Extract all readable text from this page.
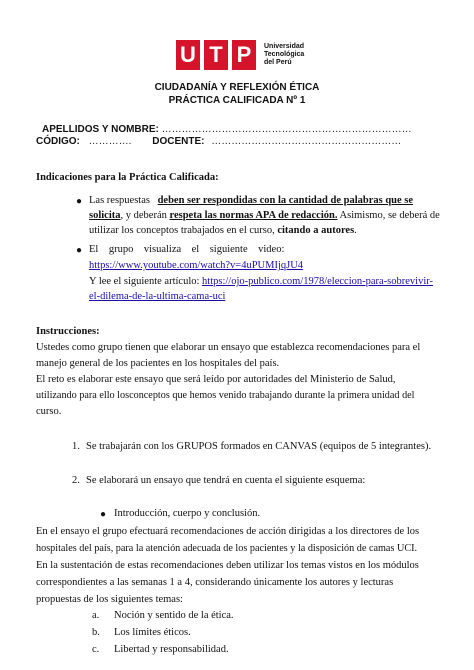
U T P	Universidad
Tecnológica
del Perú
CIUDADANÍA Y REFLEXIÓN ÉTICA
PRÁCTICA CALIFICADA Nº 1
APELLIDOS Y NOMBRE: …………………………………………………………………
CÓDIGO: …………. DOCENTE: …………………………………………………
Indicaciones para la Práctica Calificada:
● Las respuestas deben ser respondidas con la cantidad de palabras que se
solicita, y deberán respeta las normas APA de redacción. Asimismo, se deberá de
utilizar los conceptos trabajados en el curso, citando a autores.
● El    grupo    visualiza    el    siguiente    video:
https://www.youtube.com/watch?v=4uPUMIjqJU4
Y lee el siguiente artículo: https://ojo-publico.com/1978/eleccion-para-sobrevivir-
el-dilema-de-la-ultima-cama-uci
Instrucciones:
Ustedes como grupo tienen que elaborar un ensayo que establezca recomendaciones para el
manejo general de los pacientes en los hospitales del país.
El reto es elaborar este ensayo que será leído por autoridades del Ministerio de Salud,
utilizando para ello losconceptos que hemos venido trabajando durante la primera unidad del
curso.
1. Se trabajarán con los GRUPOS formados en CANVAS (equipos de 5 integrantes).
2. Se elaborará un ensayo que tendrá en cuenta el siguiente esquema:
● Introducción, cuerpo y conclusión.
En el ensayo el grupo efectuará recomendaciones de acción dirigidas a los directores de los
hospitales del país, para la atención adecuada de los pacientes y la disposición de camas UCI.
En la sustentación de estas recomendaciones deben utilizar los temas vistos en los módulos
correspondientes a las semanas 1 a 4, considerando únicamente los autores y lecturas
propuestas de los siguientes temas:
a. Noción y sentido de la ética.
b. Los límites éticos.
c. Libertad y responsabilidad.
